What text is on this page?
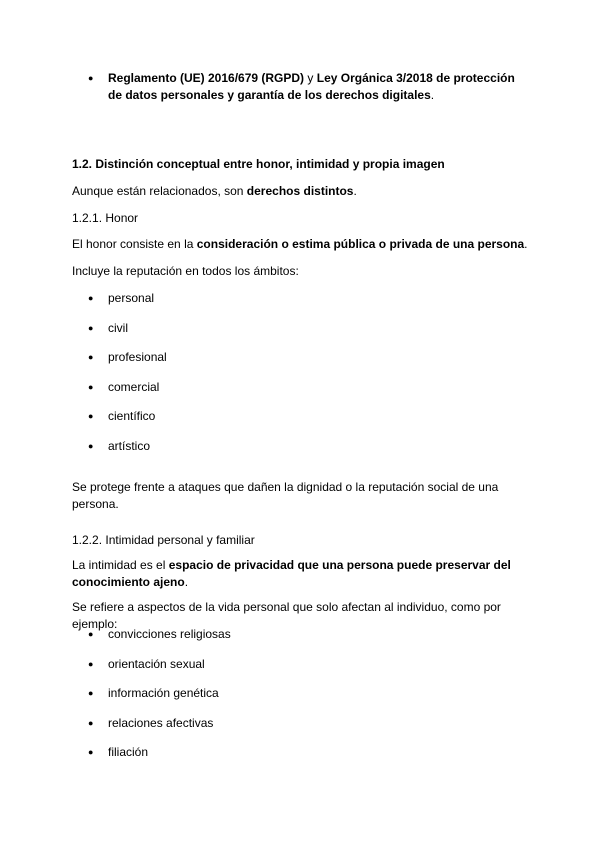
● Reglamento (UE) 2016/679 (RGPD) y Ley Orgánica 3/2018 de protección de datos personales y garantía de los derechos digitales.

1.2. Distinción conceptual entre honor, intimidad y propia imagen

Aunque están relacionados, son derechos distintos.

1.2.1. Honor

El honor consiste en la consideración o estima pública o privada de una persona.

Incluye la reputación en todos los ámbitos:

● personal
● civil
● profesional
● comercial
● científico
● artístico

Se protege frente a ataques que dañen la dignidad o la reputación social de una persona.

1.2.2. Intimidad personal y familiar

La intimidad es el espacio de privacidad que una persona puede preservar del conocimiento ajeno.

Se refiere a aspectos de la vida personal que solo afectan al individuo, como por ejemplo:

● convicciones religiosas
● orientación sexual
● información genética
● relaciones afectivas
● filiación
